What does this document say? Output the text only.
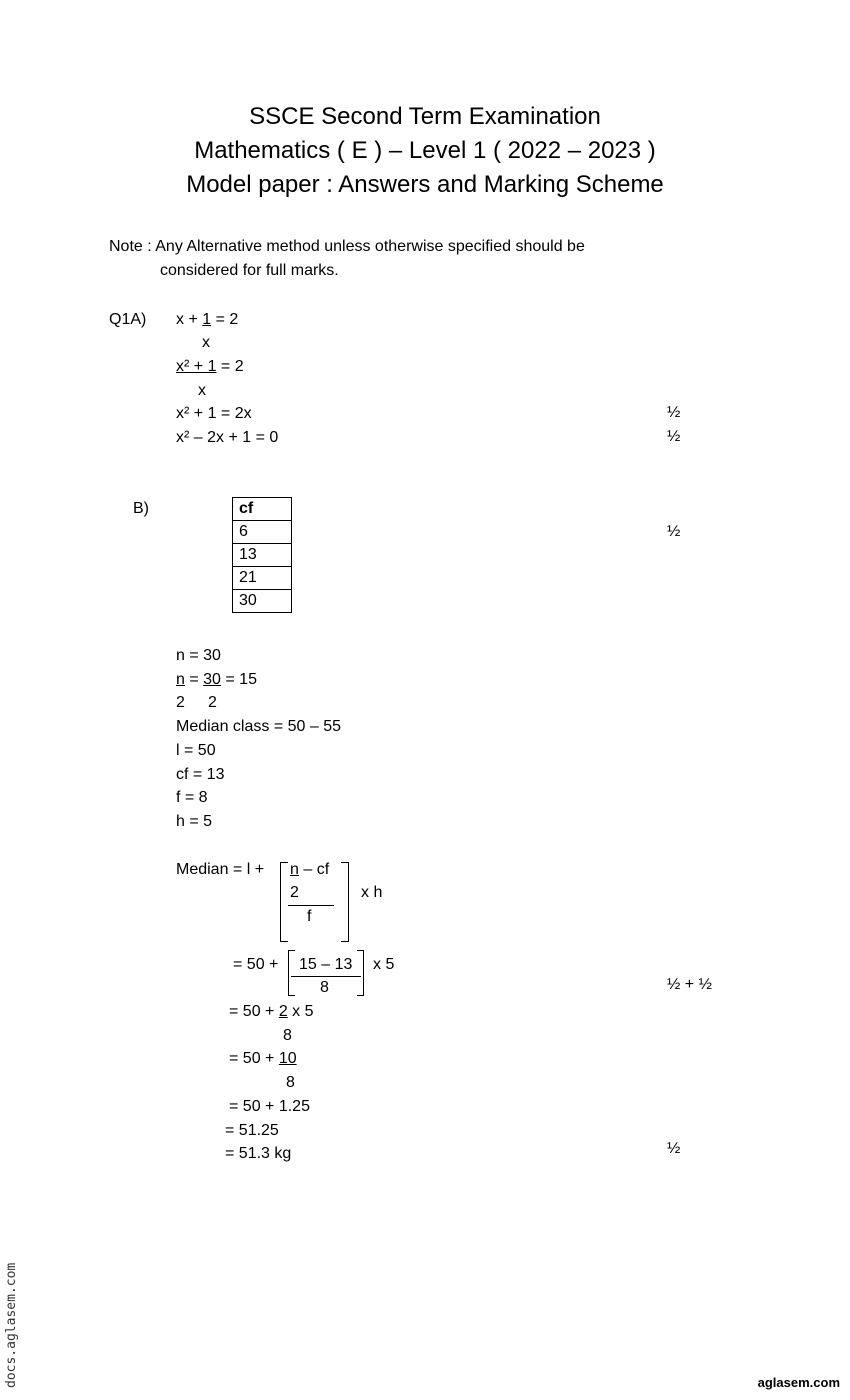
SSCE Second Term Examination
Mathematics ( E ) – Level 1 ( 2022 – 2023 )
Model paper : Answers and Marking Scheme
Note : Any Alternative method unless otherwise specified should be
considered for full marks.
Q1A) x + 1 = 2
x
x² + 1 = 2
x
x² + 1 = 2x	½
x² – 2x + 1 = 0	½
B)	cf
6
13
21
30
½
n = 30
n = 30 = 15
2 2
Median class = 50 – 55
l = 50
cf = 13
f = 8
h = 5
Median = l + n – cf
2
f
x h
= 50 + 15 – 13
8
x 5
½ + ½
= 50 + 2 x 5
8
= 50 + 10
8
= 50 + 1.25
= 51.25
= 51.3 kg	½
docs.aglasem.com	aglasem.com
